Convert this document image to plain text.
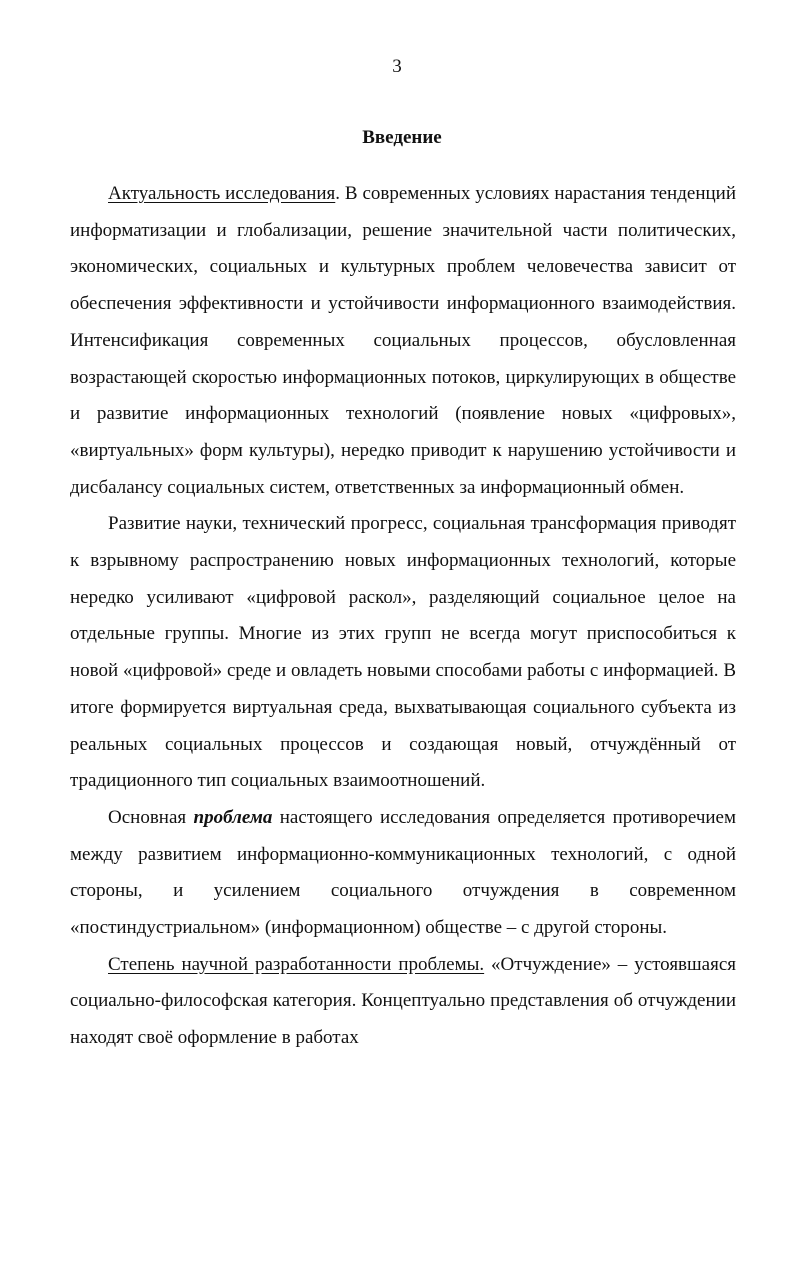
3
Введение

Актуальность исследования. В современных условиях нарастания тенденций информатизации и глобализации, решение значительной части политических, экономических, социальных и культурных проблем человечества зависит от обеспечения эффективности и устойчивости информационного взаимодействия. Интенсификация современных социальных процессов, обусловленная возрастающей скоростью информационных потоков, циркулирующих в обществе и развитие информационных технологий (появление новых «цифровых», «виртуальных» форм культуры), нередко приводит к нарушению устойчивости и дисбалансу социальных систем, ответственных за информационный обмен.

Развитие науки, технический прогресс, социальная трансформация приводят к взрывному распространению новых информационных технологий, которые нередко усиливают «цифровой раскол», разделяющий социальное целое на отдельные группы. Многие из этих групп не всегда могут приспособиться к новой «цифровой» среде и овладеть новыми способами работы с информацией. В итоге формируется виртуальная среда, выхватывающая социального субъекта из реальных социальных процессов и создающая новый, отчуждённый от традиционного тип социальных взаимоотношений.

Основная проблема настоящего исследования определяется противоречием между развитием информационно-коммуникационных технологий, с одной стороны, и усилением социального отчуждения в современном «постиндустриальном» (информационном) обществе – с другой стороны.

Степень научной разработанности проблемы. «Отчуждение» – устоявшаяся социально-философская категория. Концептуально представления об отчуждении находят своё оформление в работах
